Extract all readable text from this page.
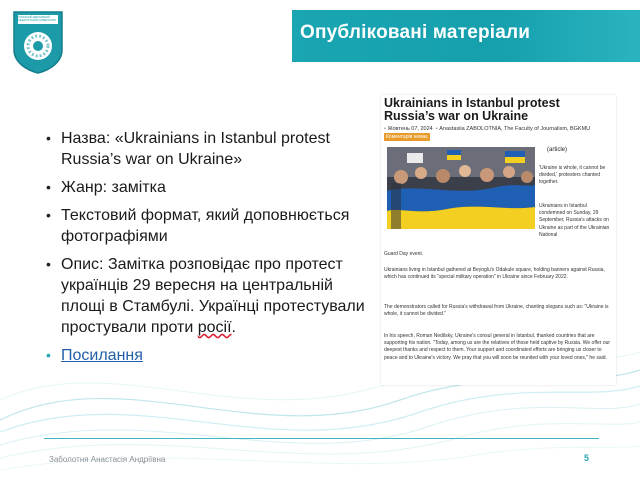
СУМСЬКИЙ ДЕРЖАВНИЙ ПЕДАГОГІЧНИЙ УНІВЕРСИТЕТ
Опубліковані матеріали
• Назва: «Ukrainians in Istanbul protest Russia’s war on Ukraine»
• Жанр: замітка
• Текстовий формат, який доповнюється фотографіями
• Опис: Замітка розповідає про протест українців 29 вересня на центральній площі в Стамбулі. Українці протестували простували проти росії.
• Посилання
Ukrainians in Istanbul protest Russia’s war on Ukraine
▪ Жовтень 07, 2024 ▪ Anastasiia ZABOLOTNIA, The Faculty of Journalism, BGKMU
Коментарів немає
(article)
'Ukraine is whole, it cannot be divided,' protesters chanted together.
Ukrainians in Istanbul condemned on Sunday, 29 September, Russia's attacks on Ukraine as part of the Ukrainian National

Guard Day event.

Ukrainians living in Istanbul gathered at Beyoglu's Odakule square, holding banners against Russia, which has continued its "special military operation" in Ukraine since February 2022.

The demonstrators called for Russia's withdrawal from Ukraine, chanting slogans such as: "Ukraine is whole, it cannot be divided."

In his speech, Roman Nedilsky, Ukraine's consul general in Istanbul, thanked countries that are supporting his nation. "Today, among us are the relatives of those held captive by Russia. We offer our deepest thanks and respect to them. Your support and coordinated efforts are bringing us closer to peace and to Ukraine's victory. We pray that you will soon be reunited with your loved ones," he said.

Заболотня Анастасія Андріївна	5
